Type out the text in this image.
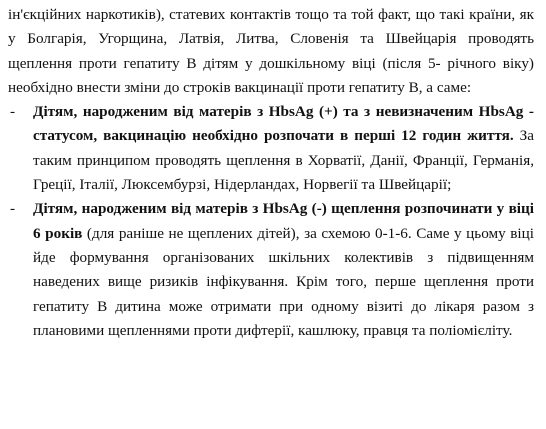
ін'єкційних наркотиків), статевих контактів тощо та той факт, що такі країни, як у Болгарія, Угорщина, Латвія, Литва, Словенія та Швейцарія проводять щеплення проти гепатиту В дітям у дошкільному віці (після 5- річного віку) необхідно внести зміни до строків вакцинації проти гепатиту В, а саме:

- Дітям, народженим від матерів з HbsAg (+) та з невизначеним HbsAg - статусом, вакцинацію необхідно розпочати в перші 12 годин життя. За таким принципом проводять щеплення в Хорватії, Данії, Франції, Германія, Греції, Італії, Люксембурзі, Нідерландах, Норвегії та Швейцарії;
- Дітям, народженим від матерів з HbsAg (-) щеплення розпочинати у віці 6 років (для раніше не щеплених дітей), за схемою 0-1-6. Саме у цьому віці йде формування організованих шкільних колективів з підвищенням наведених вище ризиків інфікування. Крім того, перше щеплення проти гепатиту В дитина може отримати при одному візиті до лікаря разом з плановими щепленнями проти дифтерії, кашлюку, правця та поліомієліту.
